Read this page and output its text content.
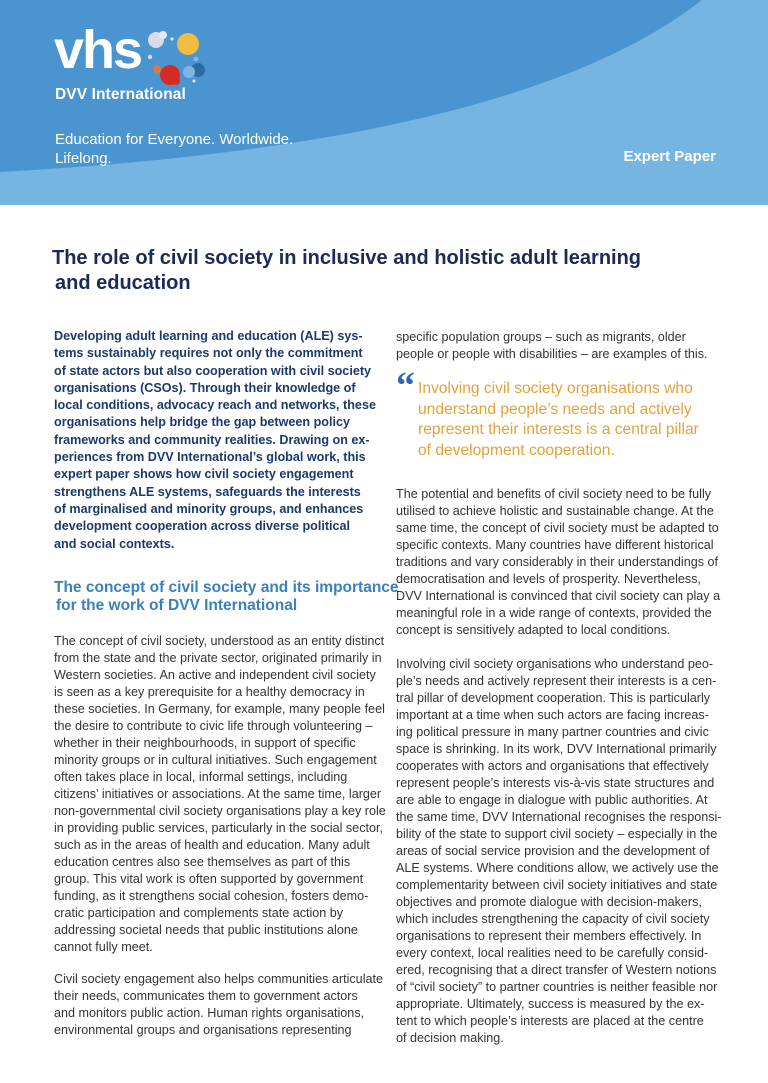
vhs
DVV International
Education for Everyone. Worldwide.
Lifelong.	Expert Paper
The role of civil society in inclusive and holistic adult learning
and education
Developing adult learning and education (ALE) sys-
tems sustainably requires not only the commitment
of state actors but also cooperation with civil society
organisations (CSOs). Through their knowledge of
local conditions, advocacy reach and networks, these
organisations help bridge the gap between policy
frameworks and community realities. Drawing on ex-
periences from DVV International’s global work, this
expert paper shows how civil society engagement
strengthens ALE systems, safeguards the interests
of marginalised and minority groups, and enhances
development cooperation across diverse political
and social contexts.
The concept of civil society and its importance
for the work of DVV International
The concept of civil society, understood as an entity distinct
from the state and the private sector, originated primarily in
Western societies. An active and independent civil society
is seen as a key prerequisite for a healthy democracy in
these societies. In Germany, for example, many people feel
the desire to contribute to civic life through volunteering –
whether in their neighbourhoods, in support of specific
minority groups or in cultural initiatives. Such engagement
often takes place in local, informal settings, including
citizens’ initiatives or associations. At the same time, larger
non-governmental civil society organisations play a key role
in providing public services, particularly in the social sector,
such as in the areas of health and education. Many adult
education centres also see themselves as part of this
group. This vital work is often supported by government
funding, as it strengthens social cohesion, fosters demo-
cratic participation and complements state action by
addressing societal needs that public institutions alone
cannot fully meet.
Civil society engagement also helps communities articulate
their needs, communicates them to government actors
and monitors public action. Human rights organisations,
environmental groups and organisations representing
specific population groups – such as migrants, older
people or people with disabilities – are examples of this.
“ Involving civil society organisations who
understand people’s needs and actively
represent their interests is a central pillar
of development cooperation.
The potential and benefits of civil society need to be fully
utilised to achieve holistic and sustainable change. At the
same time, the concept of civil society must be adapted to
specific contexts. Many countries have different historical
traditions and vary considerably in their understandings of
democratisation and levels of prosperity. Nevertheless,
DVV International is convinced that civil society can play a
meaningful role in a wide range of contexts, provided the
concept is sensitively adapted to local conditions.
Involving civil society organisations who understand peo-
ple’s needs and actively represent their interests is a cen-
tral pillar of development cooperation. This is particularly
important at a time when such actors are facing increas-
ing political pressure in many partner countries and civic
space is shrinking. In its work, DVV International primarily
cooperates with actors and organisations that effectively
represent people’s interests vis-à-vis state structures and
are able to engage in dialogue with public authorities. At
the same time, DVV International recognises the responsi-
bility of the state to support civil society – especially in the
areas of social service provision and the development of
ALE systems. Where conditions allow, we actively use the
complementarity between civil society initiatives and state
objectives and promote dialogue with decision-makers,
which includes strengthening the capacity of civil society
organisations to represent their members effectively. In
every context, local realities need to be carefully consid-
ered, recognising that a direct transfer of Western notions
of “civil society” to partner countries is neither feasible nor
appropriate. Ultimately, success is measured by the ex-
tent to which people’s interests are placed at the centre
of decision making.
